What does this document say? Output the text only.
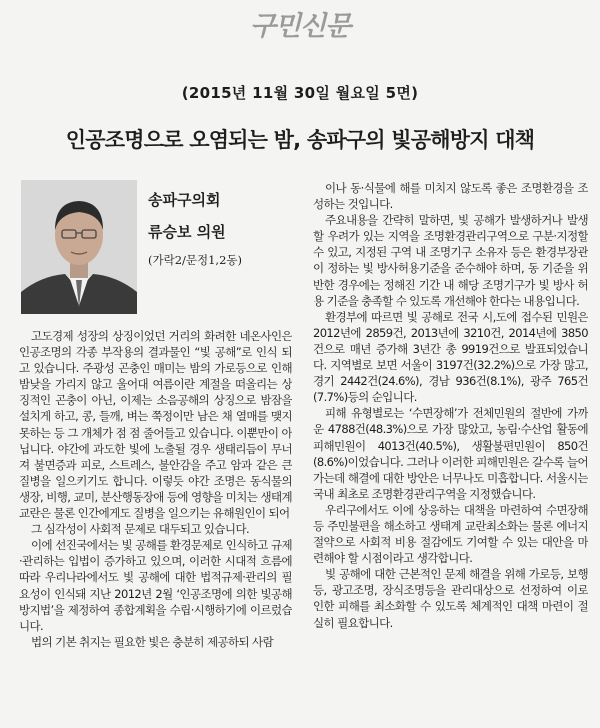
구민신문
(2015년 11월 30일 월요일 5면)
인공조명으로 오염되는 밤, 송파구의 빛공해방지 대책
송파구의회
류승보 의원
(가락2/문정1,2동)

고도경제 성장의 상징이었던 거리의 화려한 네온사인은 인공조명의 각종 부작용의 결과물인 “빛 공해”로 인식 되고 있습니다. 주광성 곤충인 매미는 밤의 가로등으로 인해 밤낮을 가리지 않고 울어대 여름이란 계절을 떠올리는 상징적인 곤충이 아닌, 이제는 소음공해의 상징으로 밤잠을 설치게 하고, 콩, 들깨, 벼는 쭉정이만 남은 채 열매를 맺지 못하는 등 그 개체가 점 점 줄어들고 있습니다. 이뿐만이 아닙니다. 야간에 과도한 빛에 노출될 경우 생태리듬이 무너져 불면증과 피로, 스트레스, 불안감을 주고 암과 같은 큰 질병을 일으키기도 합니다. 이렇듯 야간 조명은 동식물의 생장, 비행, 교미, 분산행동장애 등에 영향을 미치는 생태계 교란은 물론 인간에게도 질병을 일으키는 유해원인이 되어

그 심각성이 사회적 문제로 대두되고 있습니다.

이에 선진국에서는 빛 공해를 환경문제로 인식하고 규제·관리하는 입법이 증가하고 있으며, 이러한 시대적 흐름에 따라 우리나라에서도 빛 공해에 대한 법적규제·관리의 필요성이 인식돼 지난 2012년 2월 ‘인공조명에 의한 빛공해 방지법’을 제정하여 종합계획을 수립·시행하기에 이르렀습니다.

법의 기본 취지는 필요한 빛은 충분히 제공하되 사람

이나 동·식물에 해를 미치지 않도록 좋은 조명환경을 조성하는 것입니다.

주요내용을 간략히 말하면, 빛 공해가 발생하거나 발생할 우려가 있는 지역을 조명환경관리구역으로 구분·지정할 수 있고, 지정된 구역 내 조명기구 소유자 등은 환경부장관이 정하는 빛 방사허용기준을 준수해야 하며, 동 기준을 위반한 경우에는 정해진 기간 내 해당 조명기구가 빛 방사 허용 기준을 충족할 수 있도록 개선해야 한다는 내용입니다.

환경부에 따르면 빛 공해로 전국 시,도에 접수된 민원은 2012년에 2859건, 2013년에 3210건, 2014년에 3850건으로 매년 증가해 3년간 총 9919건으로 발표되었습니다. 지역별로 보면 서울이 3197건(32.2%)으로 가장 많고, 경기 2442건(24.6%), 경남 936건(8.1%), 광주 765건(7.7%)등의 순입니다.

피해 유형별로는 ‘수면장해’가 전체민원의 절반에 가까운 4788건(48.3%)으로 가장 많았고, 농림·수산업 활동에 피해민원이 4013건(40.5%), 생활불편민원이 850건(8.6%)이었습니다. 그러나 이러한 피해민원은 갈수록 늘어 가는데 해결에 대한 방안은 너무나도 미흡합니다. 서울시는 국내 최초로 조명환경관리구역을 지정했습니다.

우리구에서도 이에 상응하는 대책을 마련하여 수면장해 등 주민불편을 해소하고 생태계 교란최소화는 물론 에너지 절약으로 사회적 비용 절감에도 기여할 수 있는 대안을 마련해야 할 시점이라고 생각합니다.

빛 공해에 대한 근본적인 문제 해결을 위해 가로등, 보행등, 광고조명, 장식조명등을 관리대상으로 선정하여 이로 인한 피해를 최소화할 수 있도록 체계적인 대책 마련이 절실히 필요합니다.
